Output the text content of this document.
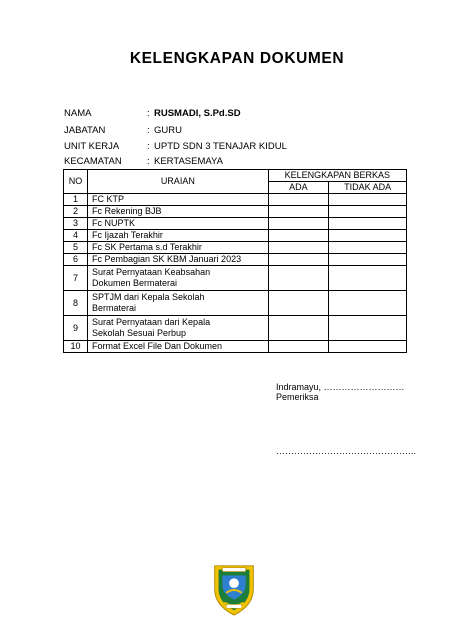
KELENGKAPAN DOKUMEN
NAMA	: RUSMADI, S.Pd.SD
JABATAN	: GURU
UNIT KERJA	: UPTD SDN 3 TENAJAR KIDUL
KECAMATAN	: KERTASEMAYA
NO	URAIAN	KELENGKAPAN BERKAS	
		ADA	TIDAK ADA
1	FC KTP		
2	Fc Rekening BJB		
3	Fc NUPTK		
4	Fc Ijazah Terakhir		
5	Fc SK Pertama s.d Terakhir		
6	Fc Pembagian SK KBM Januari 2023		
7	Surat Pernyataan Keabsahan
Dokumen Bermaterai		

8	SPTJM dari Kepala Sekolah
Bermaterai		

9	Surat Pernyataan dari Kepala
Sekolah Sesuai Perbup		

10	Format Excel File Dan Dokumen		
Indramayu, ………………………
Pemeriksa
………………………………………..
